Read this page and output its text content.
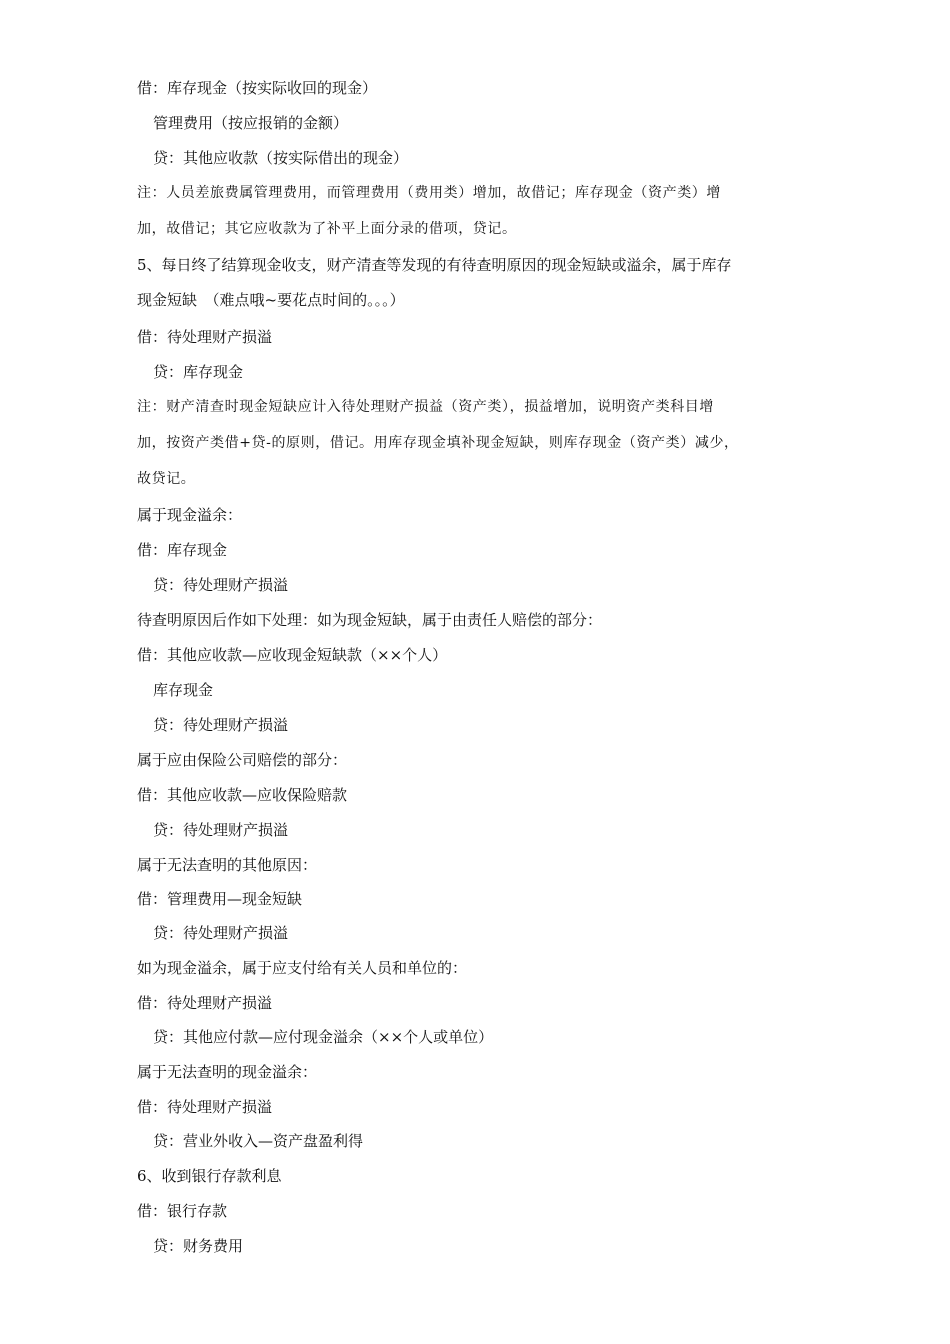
借：库存现金（按实际收回的现金）
管理费用（按应报销的金额）
贷：其他应收款（按实际借出的现金）
注：人员差旅费属管理费用，而管理费用（费用类）增加，故借记；库存现金（资产类）增
加，故借记；其它应收款为了补平上面分录的借项，贷记。
5、每日终了结算现金收支，财产清查等发现的有待查明原因的现金短缺或溢余，属于库存
现金短缺　（难点哦~要花点时间的。。。）
借：待处理财产损溢
贷：库存现金
注：财产清查时现金短缺应计入待处理财产损益（资产类），损益增加，说明资产类科目增
加，按资产类借+贷-的原则，借记。用库存现金填补现金短缺，则库存现金（资产类）减少，
故贷记。
属于现金溢余：
借：库存现金
贷：待处理财产损溢
待查明原因后作如下处理：如为现金短缺，属于由责任人赔偿的部分：
借：其他应收款—应收现金短缺款（××个人）
库存现金
贷：待处理财产损溢
属于应由保险公司赔偿的部分：
借：其他应收款—应收保险赔款
贷：待处理财产损溢
属于无法查明的其他原因：
借：管理费用—现金短缺
贷：待处理财产损溢
如为现金溢余，属于应支付给有关人员和单位的：
借：待处理财产损溢
贷：其他应付款—应付现金溢余（××个人或单位）
属于无法查明的现金溢余：
借：待处理财产损溢
贷：营业外收入—资产盘盈利得
6、收到银行存款利息
借：银行存款
贷：财务费用
